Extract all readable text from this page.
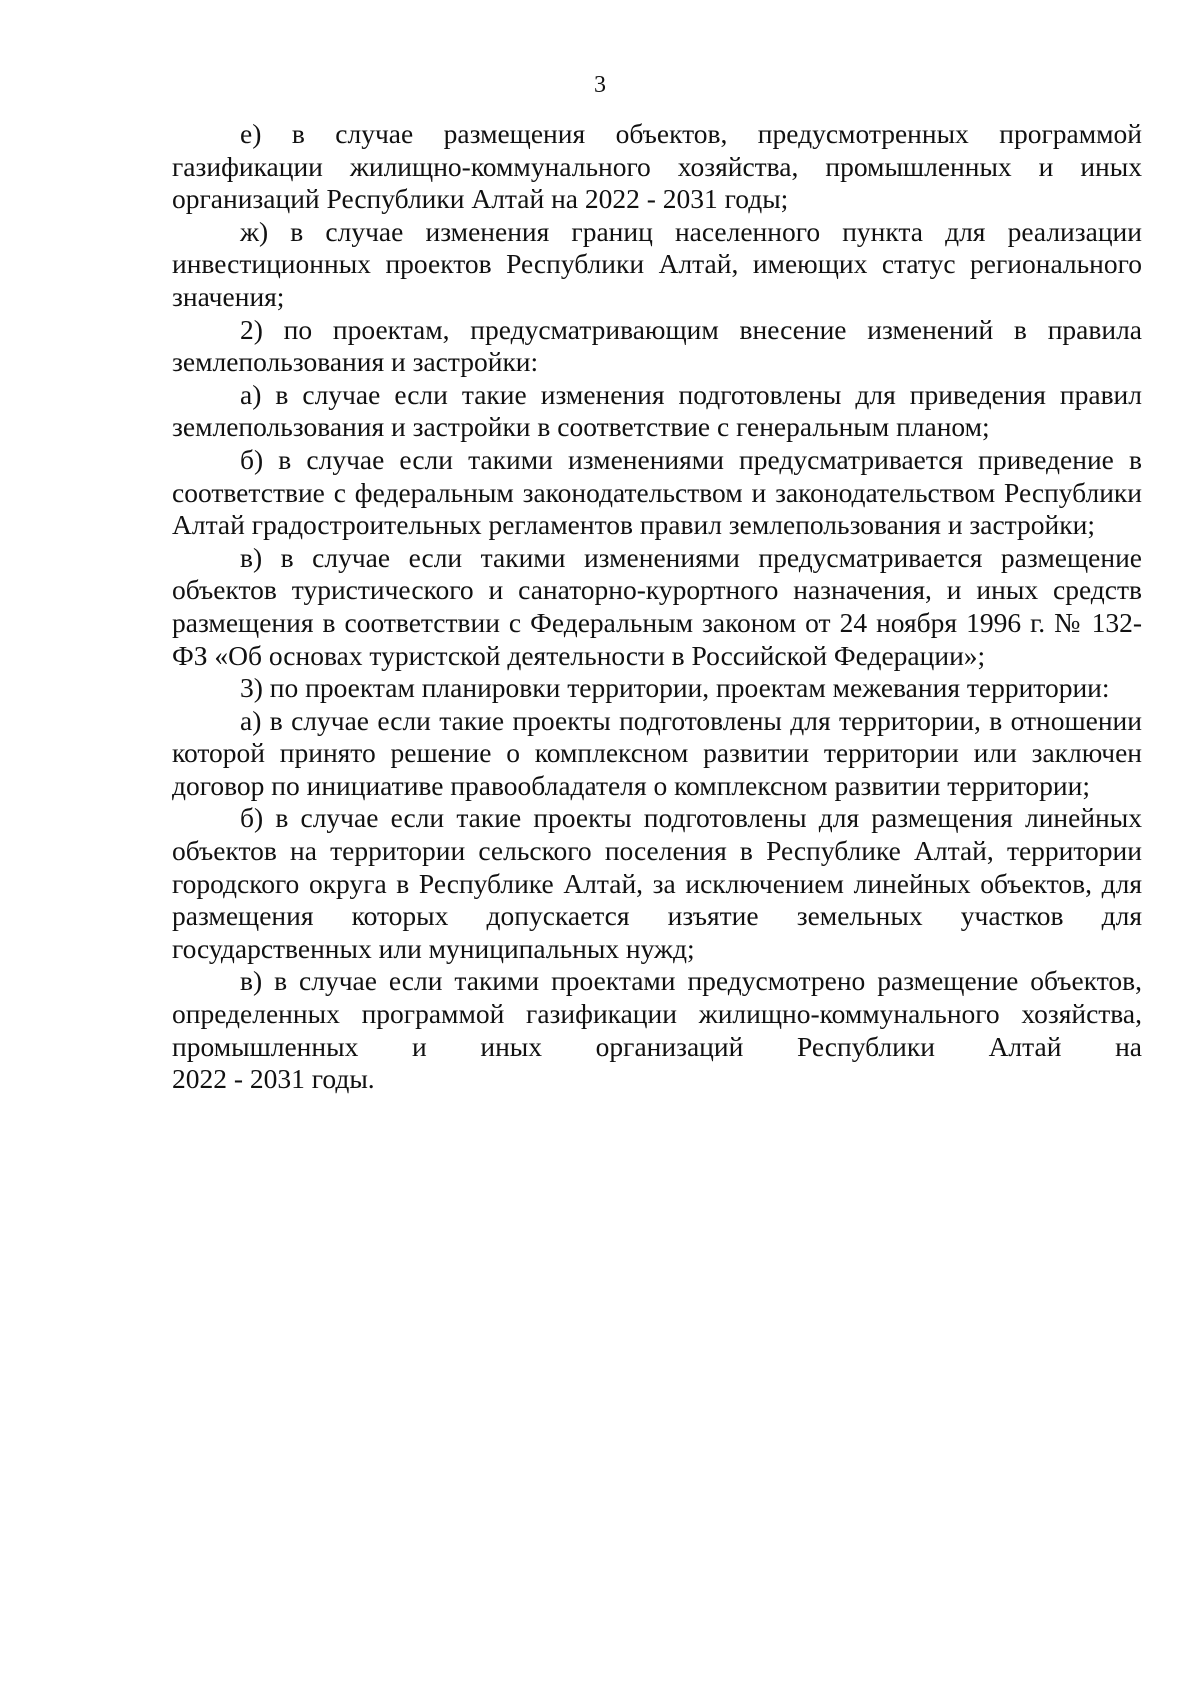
3

е) в случае размещения объектов, предусмотренных программой газификации жилищно-коммунального хозяйства, промышленных и иных организаций Республики Алтай на 2022 - 2031 годы;

ж) в случае изменения границ населенного пункта для реализации инвестиционных проектов Республики Алтай, имеющих статус регионального значения;

2) по проектам, предусматривающим внесение изменений в правила землепользования и застройки:

а) в случае если такие изменения подготовлены для приведения правил землепользования и застройки в соответствие с генеральным планом;

б) в случае если такими изменениями предусматривается приведение в соответствие с федеральным законодательством и законодательством Республики Алтай градостроительных регламентов правил землепользования и застройки;

в) в случае если такими изменениями предусматривается размещение объектов туристического и санаторно-курортного назначения, и иных средств размещения в соответствии с Федеральным законом от 24 ноября 1996 г. № 132-ФЗ «Об основах туристской деятельности в Российской Федерации»;

3) по проектам планировки территории, проектам межевания территории:

а) в случае если такие проекты подготовлены для территории, в отношении которой принято решение о комплексном развитии территории или заключен договор по инициативе правообладателя о комплексном развитии территории;

б) в случае если такие проекты подготовлены для размещения линейных объектов на территории сельского поселения в Республике Алтай, территории городского округа в Республике Алтай, за исключением линейных объектов, для размещения которых допускается изъятие земельных участков для государственных или муниципальных нужд;

в) в случае если такими проектами предусмотрено размещение объектов, определенных программой газификации жилищно-коммунального хозяйства, промышленных и иных организаций Республики Алтай на

2022 - 2031 годы.
